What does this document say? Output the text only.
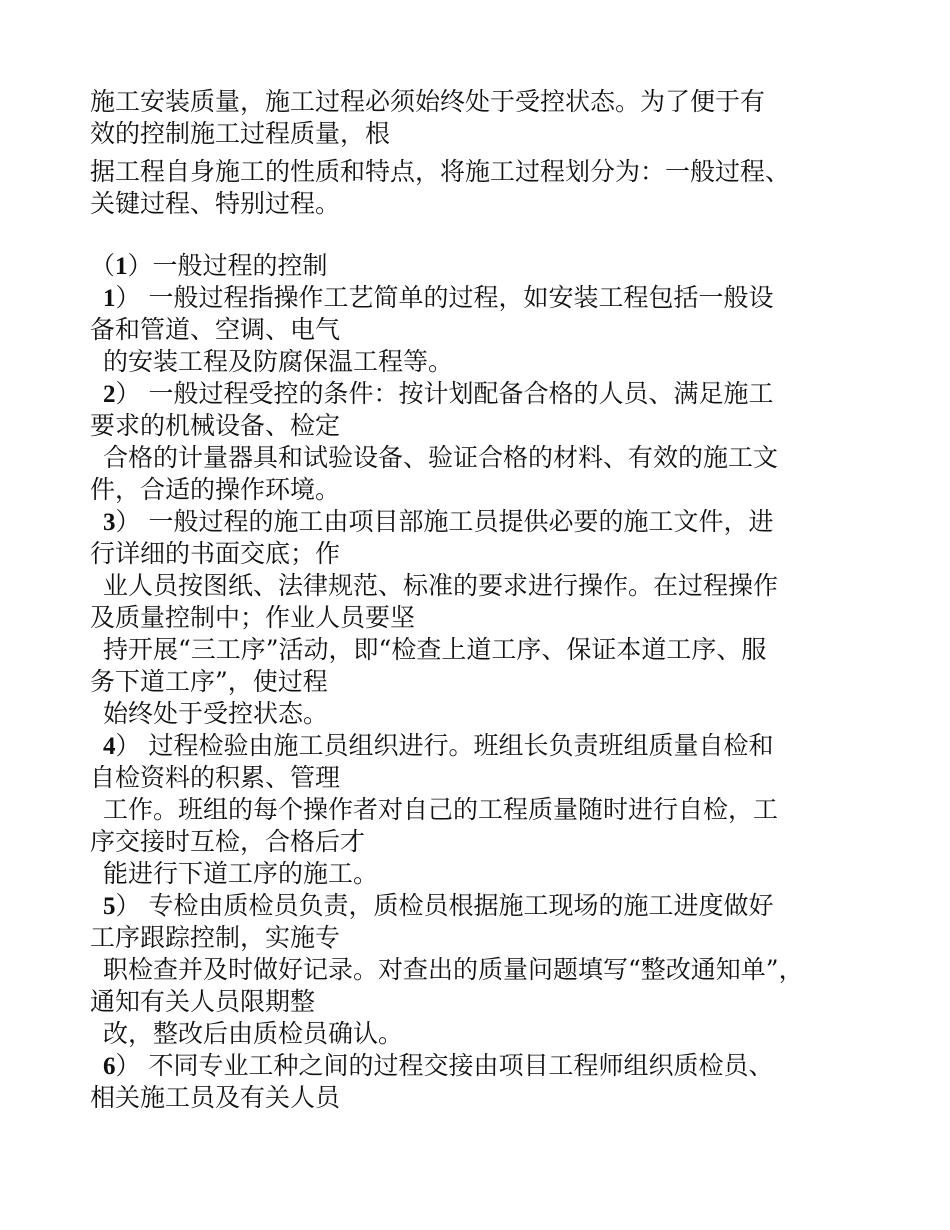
施工安装质量，施工过程必须始终处于受控状态。为了便于有
效的控制施工过程质量，根
据工程自身施工的性质和特点，将施工过程划分为：一般过程、
关键过程、特别过程。
（1）一般过程的控制
1） 一般过程指操作工艺简单的过程，如安装工程包括一般设
备和管道、空调、电气
的安装工程及防腐保温工程等。
2） 一般过程受控的条件：按计划配备合格的人员、满足施工
要求的机械设备、检定
合格的计量器具和试验设备、验证合格的材料、有效的施工文
件，合适的操作环境。
3） 一般过程的施工由项目部施工员提供必要的施工文件，进
行详细的书面交底；作
业人员按图纸、法律规范、标准的要求进行操作。在过程操作
及质量控制中；作业人员要坚
持开展“三工序”活动，即“检查上道工序、保证本道工序、服
务下道工序”，使过程
始终处于受控状态。
4） 过程检验由施工员组织进行。班组长负责班组质量自检和
自检资料的积累、管理
工作。班组的每个操作者对自己的工程质量随时进行自检，工
序交接时互检，合格后才
能进行下道工序的施工。
5） 专检由质检员负责，质检员根据施工现场的施工进度做好
工序跟踪控制，实施专
职检查并及时做好记录。对查出的质量问题填写“整改通知单”，
通知有关人员限期整
改，整改后由质检员确认。
6） 不同专业工种之间的过程交接由项目工程师组织质检员、
相关施工员及有关人员
